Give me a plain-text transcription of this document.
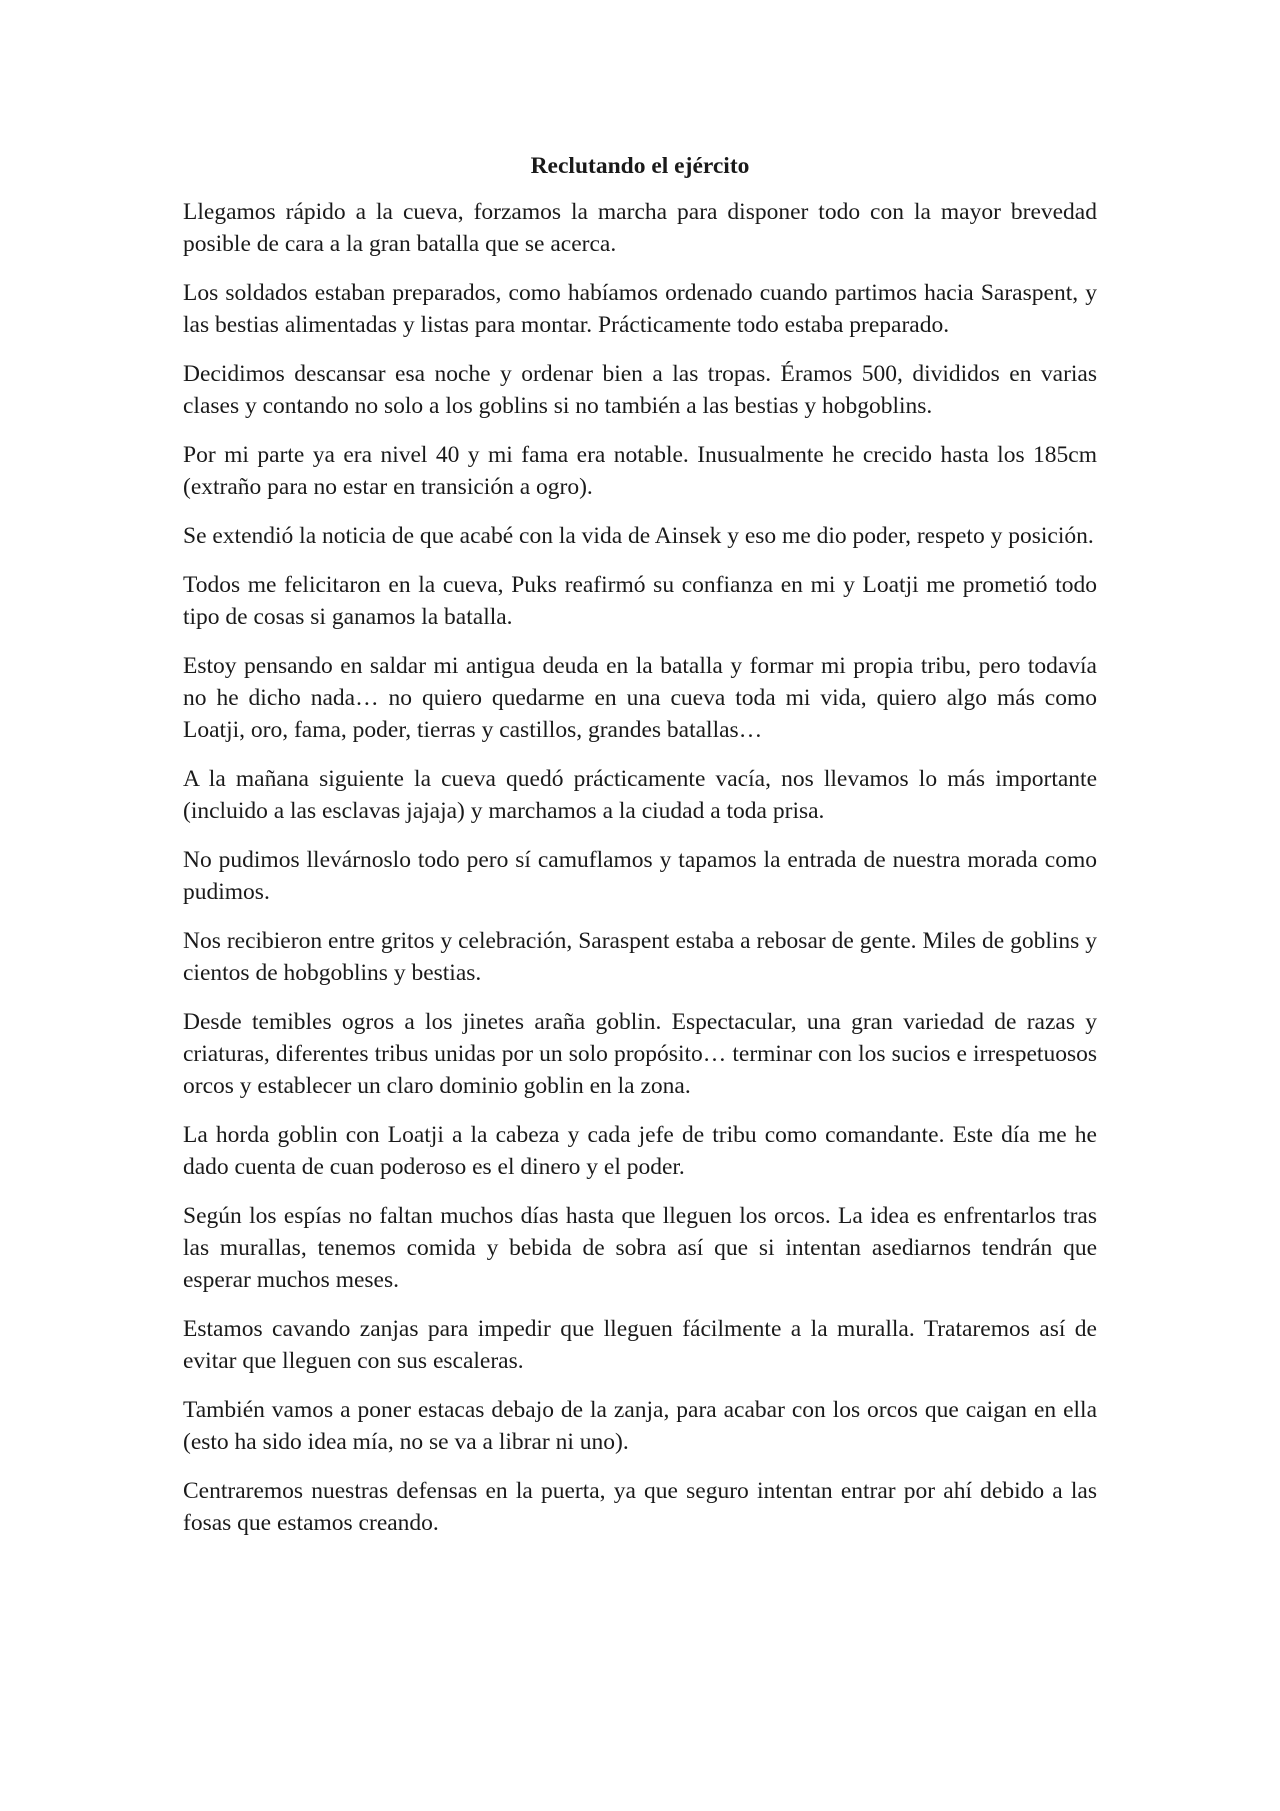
Reclutando el ejército

Llegamos rápido a la cueva, forzamos la marcha para disponer todo con la mayor brevedad posible de cara a la gran batalla que se acerca.

Los soldados estaban preparados, como habíamos ordenado cuando partimos hacia Saraspent, y las bestias alimentadas y listas para montar. Prácticamente todo estaba preparado.

Decidimos descansar esa noche y ordenar bien a las tropas. Éramos 500, divididos en varias clases y contando no solo a los goblins si no también a las bestias y hobgoblins.

Por mi parte ya era nivel 40 y mi fama era notable. Inusualmente he crecido hasta los 185cm (extraño para no estar en transición a ogro).

Se extendió la noticia de que acabé con la vida de Ainsek y eso me dio poder, respeto y posición.

Todos me felicitaron en la cueva, Puks reafirmó su confianza en mi y Loatji me prometió todo tipo de cosas si ganamos la batalla.

Estoy pensando en saldar mi antigua deuda en la batalla y formar mi propia tribu, pero todavía no he dicho nada… no quiero quedarme en una cueva toda mi vida, quiero algo más como Loatji, oro, fama, poder, tierras y castillos, grandes batallas…

A la mañana siguiente la cueva quedó prácticamente vacía, nos llevamos lo más importante (incluido a las esclavas jajaja) y marchamos a la ciudad a toda prisa.

No pudimos llevárnoslo todo pero sí camuflamos y tapamos la entrada de nuestra morada como pudimos.

Nos recibieron entre gritos y celebración, Saraspent estaba a rebosar de gente. Miles de goblins y cientos de hobgoblins y bestias.

Desde temibles ogros a los jinetes araña goblin. Espectacular, una gran variedad de razas y criaturas, diferentes tribus unidas por un solo propósito… terminar con los sucios e irrespetuosos orcos y establecer un claro dominio goblin en la zona.

La horda goblin con Loatji a la cabeza y cada jefe de tribu como comandante. Este día me he dado cuenta de cuan poderoso es el dinero y el poder.

Según los espías no faltan muchos días hasta que lleguen los orcos. La idea es enfrentarlos tras las murallas, tenemos comida y bebida de sobra así que si intentan asediarnos tendrán que esperar muchos meses.

Estamos cavando zanjas para impedir que lleguen fácilmente a la muralla. Trataremos así de evitar que lleguen con sus escaleras.

También vamos a poner estacas debajo de la zanja, para acabar con los orcos que caigan en ella (esto ha sido idea mía, no se va a librar ni uno).

Centraremos nuestras defensas en la puerta, ya que seguro intentan entrar por ahí debido a las fosas que estamos creando.
